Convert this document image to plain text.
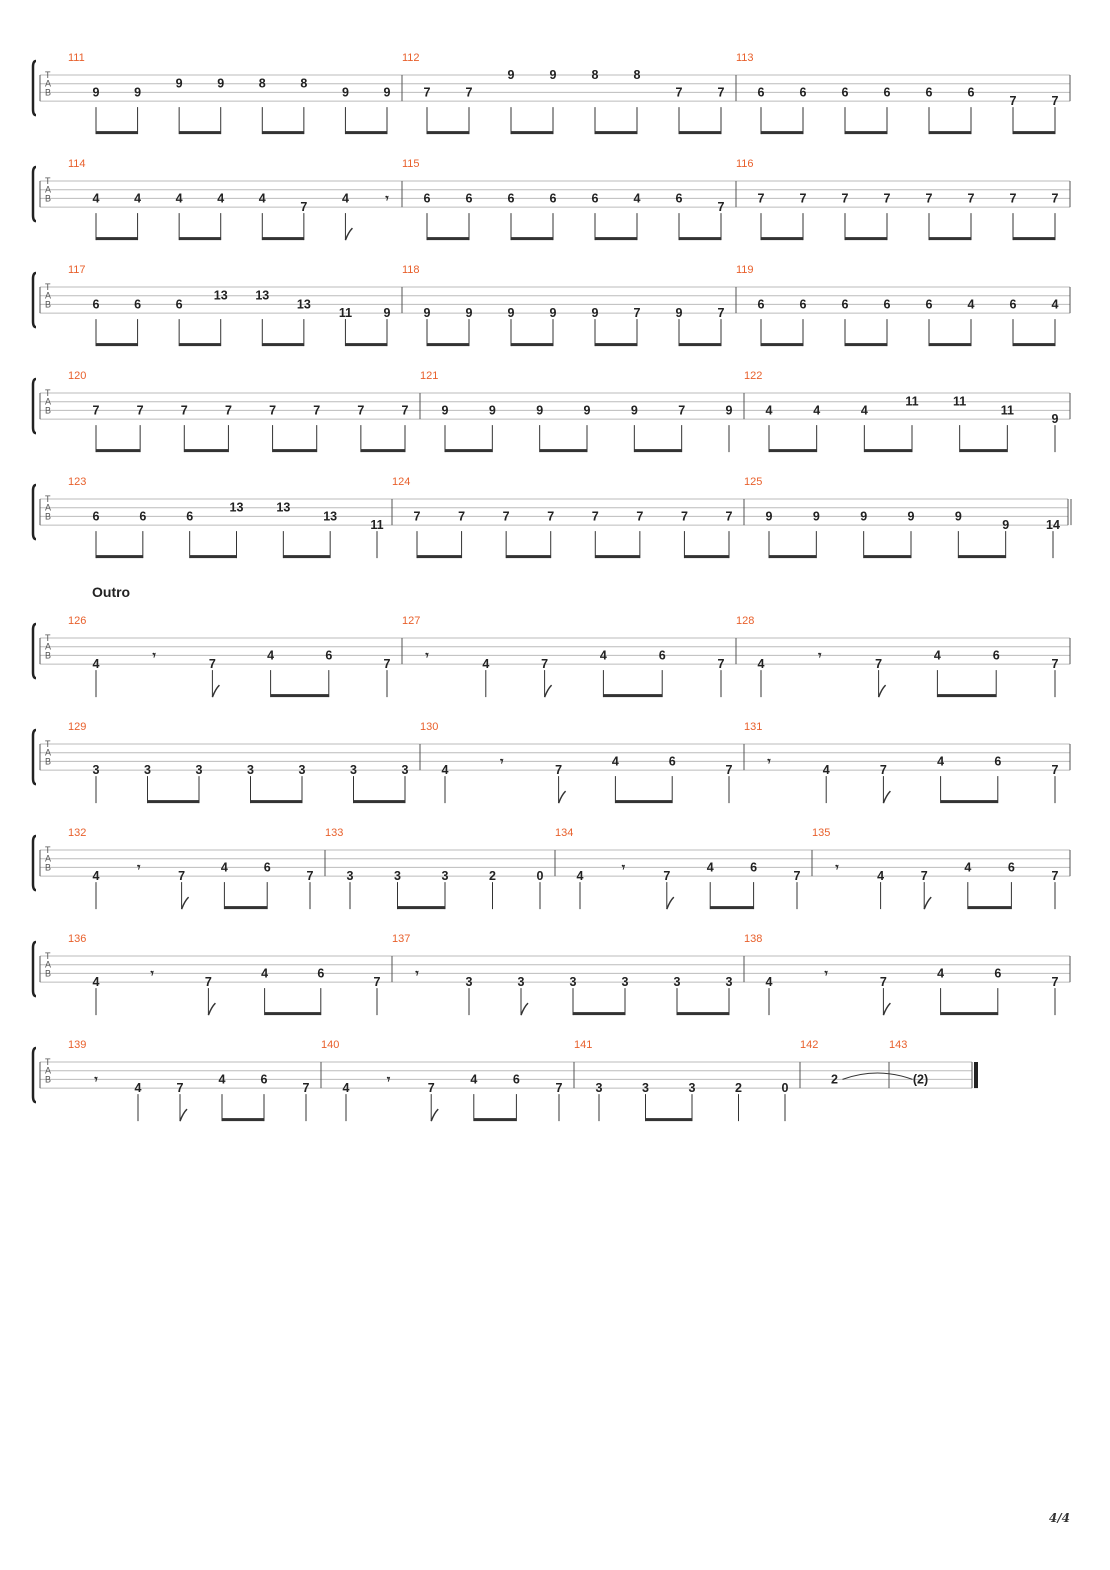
T
A
B
111
9	9
9	9	8	8
9	9
112
7	7
9	9	8	8
7	7
113
6	6	6	6	6	6
7	7
T
A
B
114
4	4	4	4	4
7
4	𝄾
115
6	6	6	6	6	4	6
7
116
7	7	7	7	7	7	7	7
T
A
B
117
6	6	6
13 13
13
11	9
118
9	9	9	9	9	7	9	7
119
6	6	6	6	6	4	6	4
T
A
B
120
7	7	7	7	7	7	7	7
121
9	9	9	9	9	7	9
122
4	4	4
11	11
11
9
T
A
B
123
6	6	6
13	13
13
11
124
7	7	7	7	7	7	7	7
125
9	9	9	9	9
9	14
T
A
B
Outro
126
4
𝄾
7
4	6
7
127
𝄾
4	7
4	6
7
128
4
𝄾
7
4	6
7
T
A
B
129
3	3	3	3	3	3	3
130
4
𝄾
7
4	6
7
131
𝄾
4	7
4	6
7
T
A
B
132
4
𝄾
7
4	6
7
133
3	3	3	2	0
134
4
𝄾
7
4	6
7
135
𝄾
4	7
4	6
7
T
A
B
136
4
𝄾
7
4	6
7
137
𝄾
3	3	3	3	3	3
138
4
𝄾
7
4	6
7
T
A
B
139
𝄾
4	7
4	6
7
140
4
𝄾
7
4	6
7
141
3	3	3	2	0
142
2
143
(2)
4/4
